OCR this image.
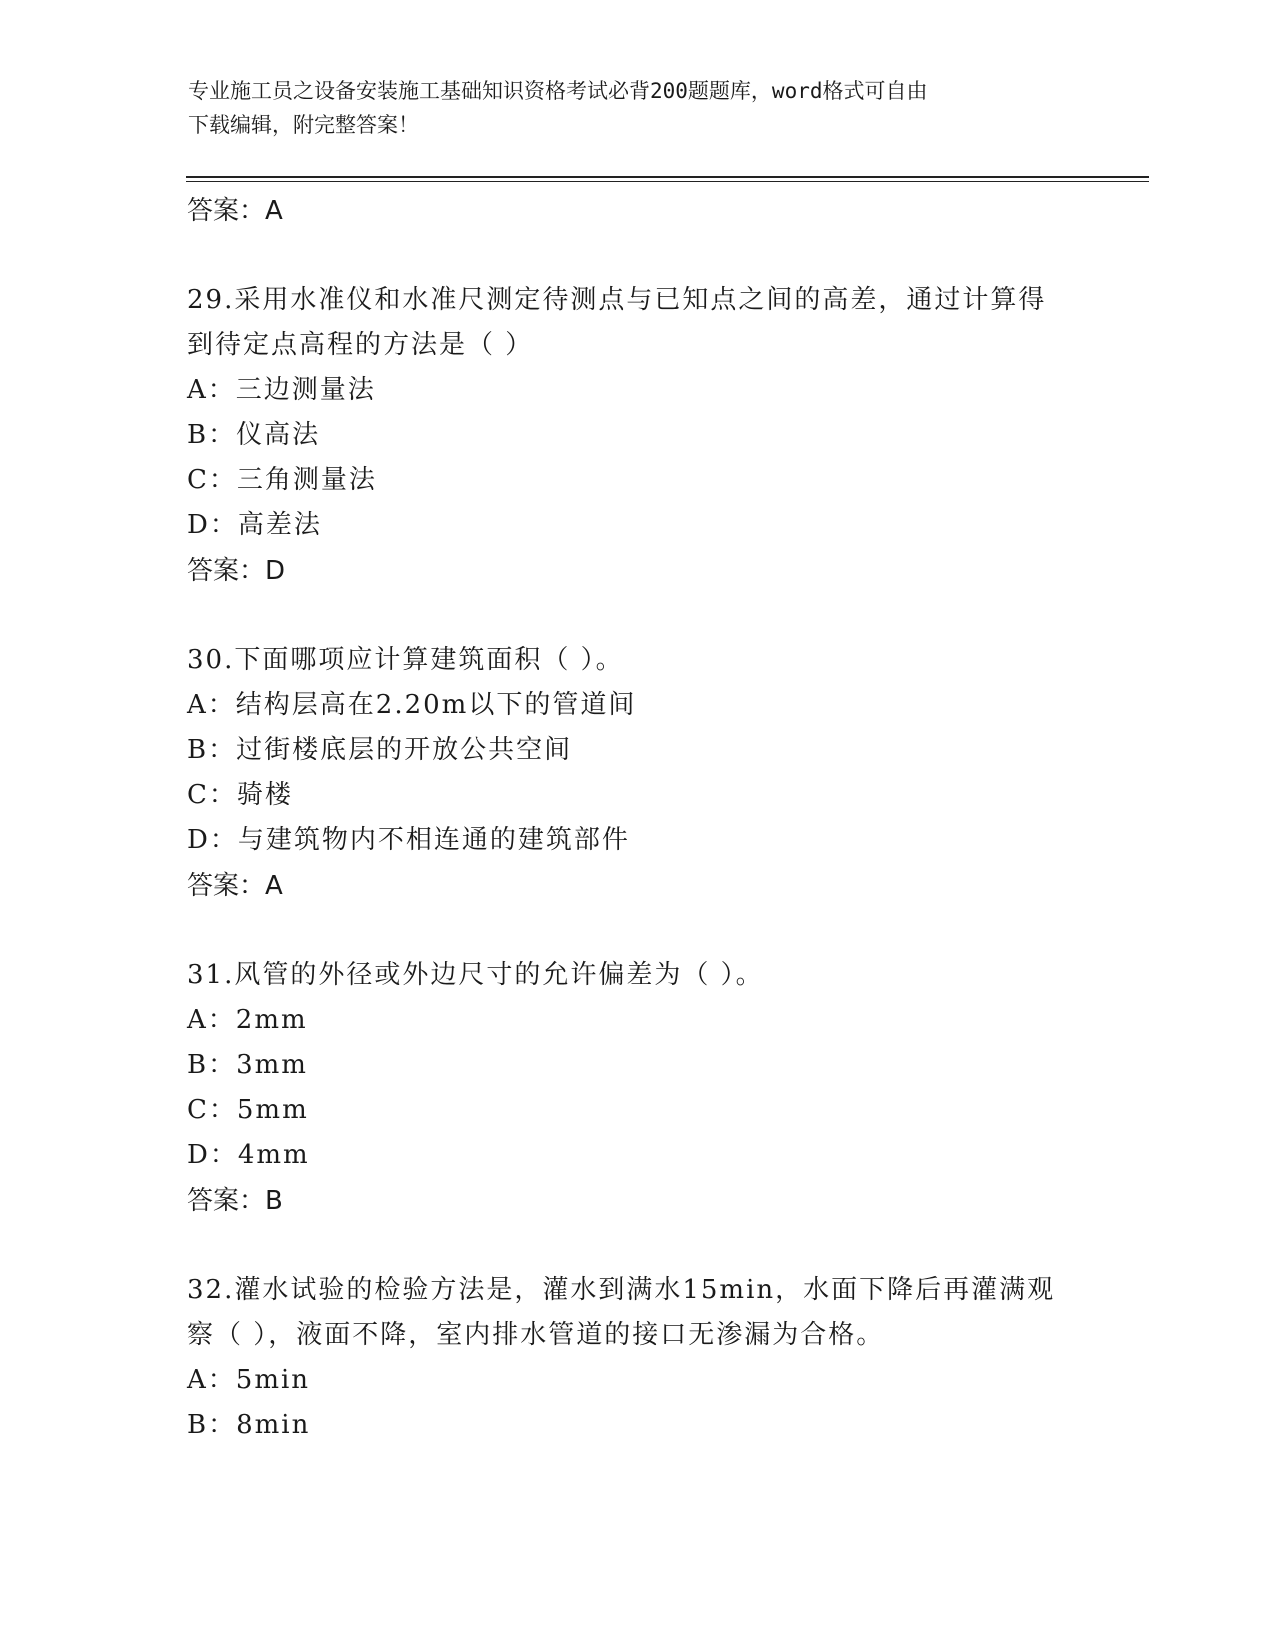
专业施工员之设备安装施工基础知识资格考试必背200题题库，word格式可自由
下载编辑，附完整答案！
答案：A
29.采用水准仪和水准尺测定待测点与已知点之间的高差，通过计算得
到待定点高程的方法是（ ）
A：三边测量法
B：仪高法
C：三角测量法
D：高差法
答案：D
30.下面哪项应计算建筑面积（ ）。
A：结构层高在2.20m以下的管道间
B：过街楼底层的开放公共空间
C：骑楼
D：与建筑物内不相连通的建筑部件
答案：A
31.风管的外径或外边尺寸的允许偏差为（ ）。
A：2mm
B：3mm
C：5mm
D：4mm
答案：B
32.灌水试验的检验方法是，灌水到满水15min，水面下降后再灌满观
察（ ），液面不降，室内排水管道的接口无渗漏为合格。
A：5min
B：8min
